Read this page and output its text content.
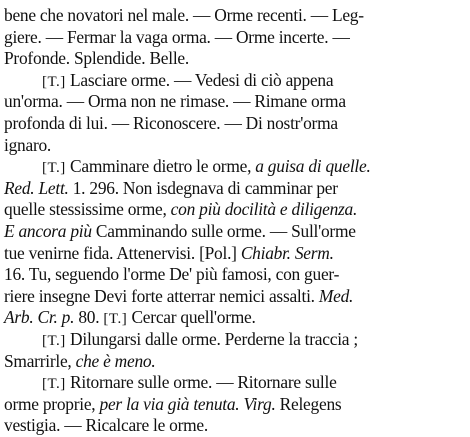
bene che novatori nel male. — Orme recenti. — Leg-
giere. — Fermar la vaga orma. — Orme incerte. —
Profonde. Splendide. Belle.
[T.] Lasciare orme. — Vedesi di ciò appena
un'orma. — Orma non ne rimase. — Rimane orma
profonda di lui. — Riconoscere. — Di nostr'orma
ignaro.
[T.] Camminare dietro le orme, a guisa di quelle.
Red. Lett. 1. 296. Non isdegnava di camminar per
quelle stessissime orme, con più docilità e diligenza.
E ancora più Camminando sulle orme. — Sull'orme
tue venirne fida. Attenervisi. [Pol.] Chiabr. Serm.
16. Tu, seguendo l'orme De' più famosi, con guer-
riere insegne Devi forte atterrar nemici assalti. Med.
Arb. Cr. p. 80. [T.] Cercar quell'orme.
[T.] Dilungarsi dalle orme. Perderne la traccia ;
Smarrirle, che è meno.
[T.] Ritornare sulle orme. — Ritornare sulle
orme proprie, per la via già tenuta. Virg. Relegens
vestigia. — Ricalcare le orme.
